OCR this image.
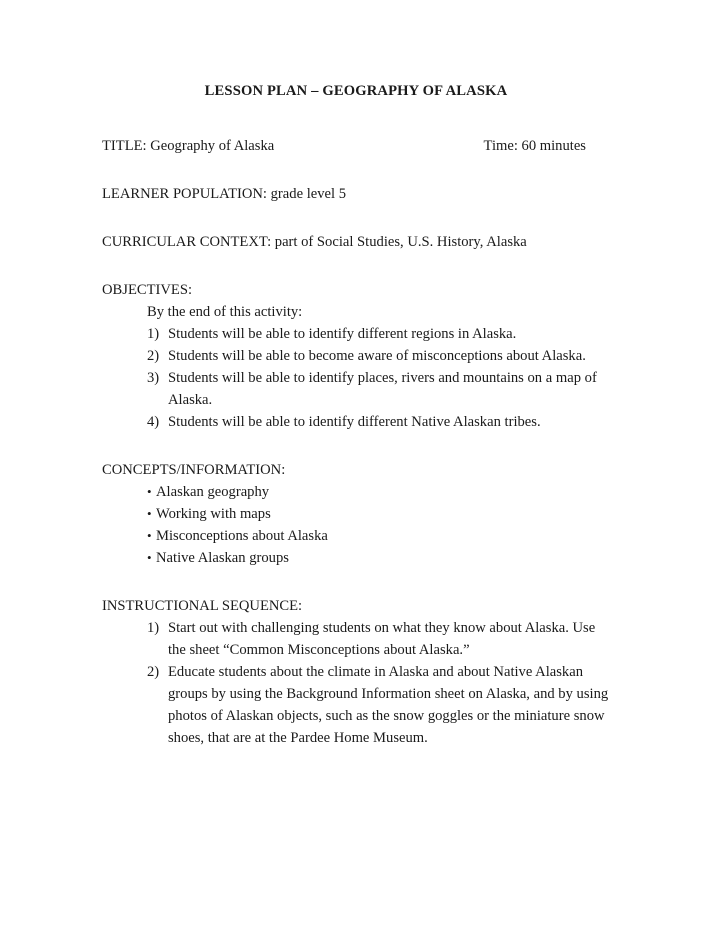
LESSON PLAN – GEOGRAPHY OF ALASKA
TITLE: Geography of Alaska	Time: 60 minutes

LEARNER POPULATION: grade level 5

CURRICULAR CONTEXT: part of Social Studies, U.S. History, Alaska

OBJECTIVES:

By the end of this activity:

1) Students will be able to identify different regions in Alaska.
2) Students will be able to become aware of misconceptions about Alaska.
3) Students will be able to identify places, rivers and mountains on a map of Alaska.
4) Students will be able to identify different Native Alaskan tribes.

CONCEPTS/INFORMATION:

• Alaskan geography
• Working with maps
• Misconceptions about Alaska
• Native Alaskan groups

INSTRUCTIONAL SEQUENCE:

1) Start out with challenging students on what they know about Alaska. Use the sheet “Common Misconceptions about Alaska.”
2) Educate students about the climate in Alaska and about Native Alaskan groups by using the Background Information sheet on Alaska, and by using photos of Alaskan objects, such as the snow goggles or the miniature snow shoes, that are at the Pardee Home Museum.
